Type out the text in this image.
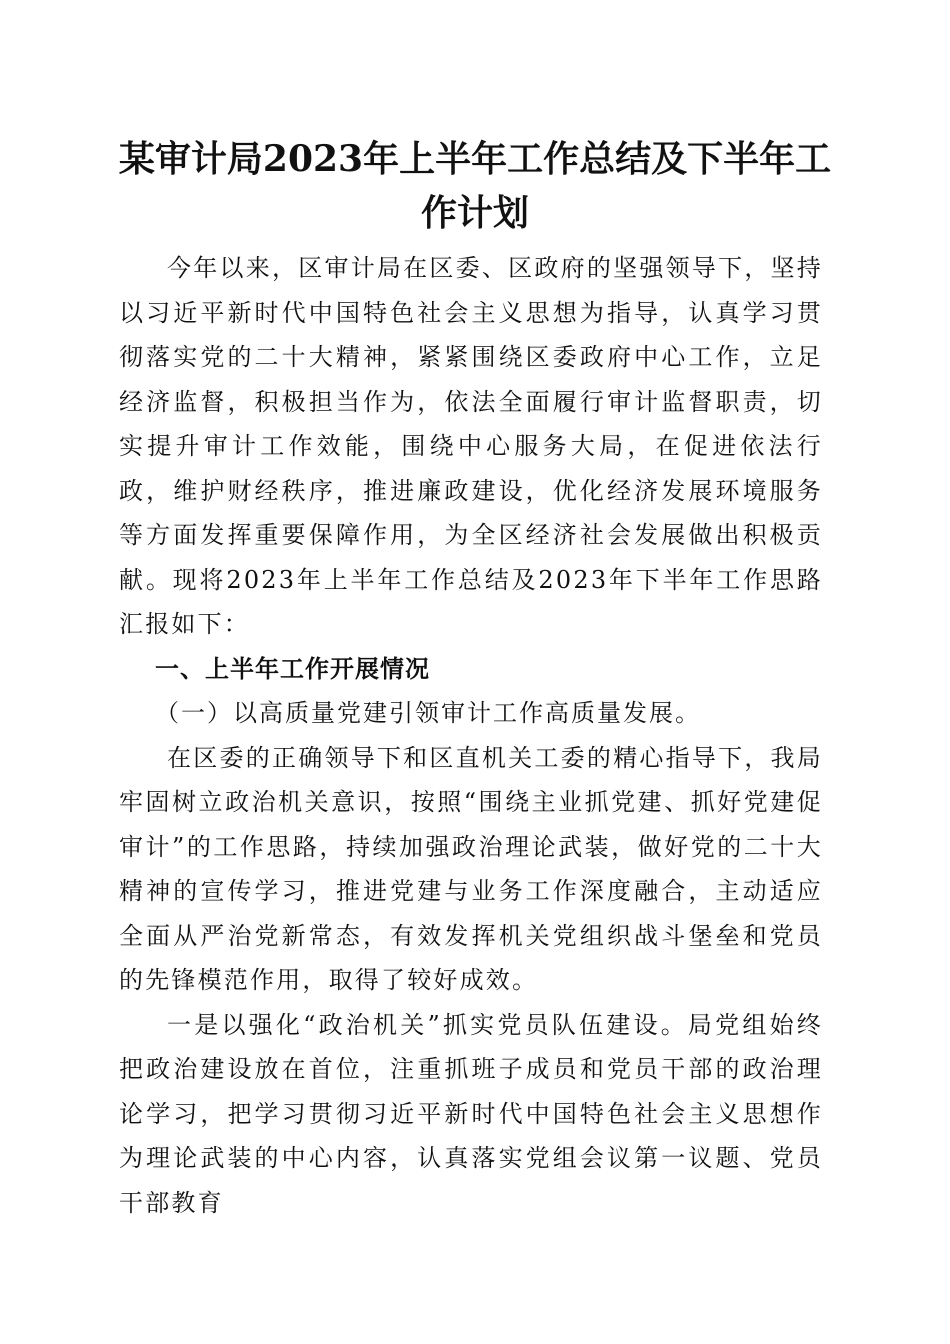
某审计局2023年上半年工作总结及下半年工作计划

今年以来，区审计局在区委、区政府的坚强领导下，坚持以习近平新时代中国特色社会主义思想为指导，认真学习贯彻落实党的二十大精神，紧紧围绕区委政府中心工作，立足经济监督，积极担当作为，依法全面履行审计监督职责，切实提升审计工作效能，围绕中心服务大局，在促进依法行政，维护财经秩序，推进廉政建设，优化经济发展环境服务等方面发挥重要保障作用，为全区经济社会发展做出积极贡献。现将2023年上半年工作总结及2023年下半年工作思路汇报如下：

一、上半年工作开展情况

（一）以高质量党建引领审计工作高质量发展。

在区委的正确领导下和区直机关工委的精心指导下，我局牢固树立政治机关意识，按照“围绕主业抓党建、抓好党建促审计”的工作思路，持续加强政治理论武装，做好党的二十大精神的宣传学习，推进党建与业务工作深度融合，主动适应全面从严治党新常态，有效发挥机关党组织战斗堡垒和党员的先锋模范作用，取得了较好成效。

一是以强化“政治机关”抓实党员队伍建设。局党组始终把政治建设放在首位，注重抓班子成员和党员干部的政治理论学习，把学习贯彻习近平新时代中国特色社会主义思想作为理论武装的中心内容，认真落实党组会议第一议题、党员干部教育
